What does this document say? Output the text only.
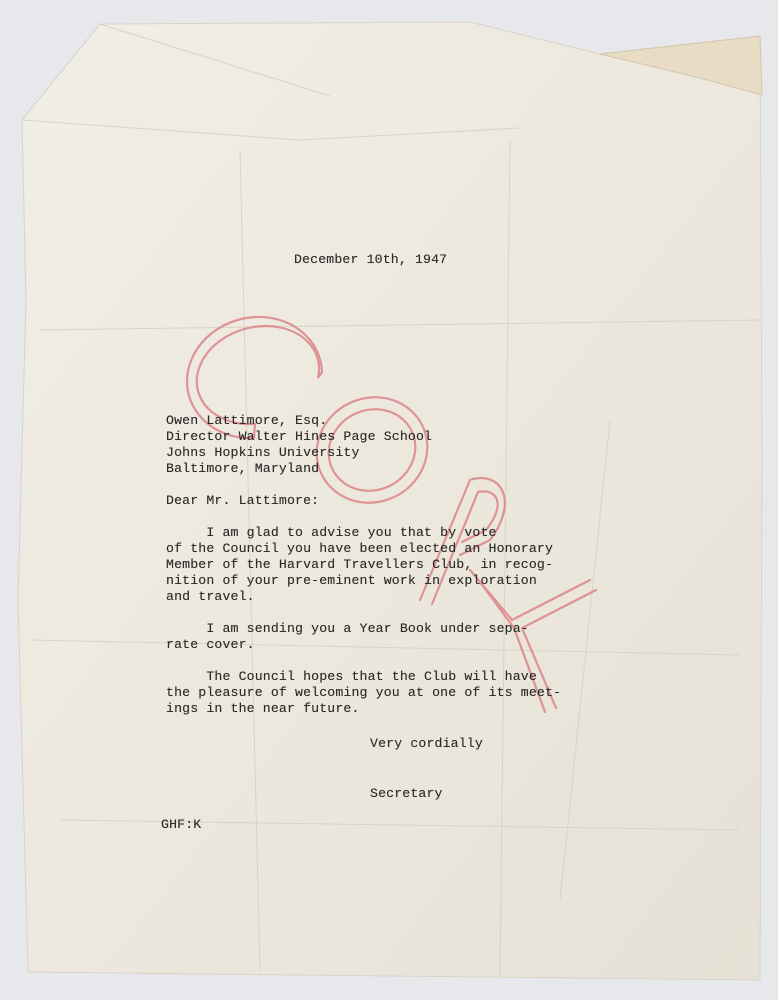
December 10th, 1947
Owen Lattimore, Esq.
Director Walter Hines Page School
Johns Hopkins University
Baltimore, Maryland
Dear Mr. Lattimore:
I am glad to advise you that by vote
of the Council you have been elected an Honorary
Member of the Harvard Travellers Club, in recog-
nition of your pre-eminent work in exploration
and travel.
I am sending you a Year Book under sepa-
rate cover.
The Council hopes that the Club will have
the pleasure of welcoming you at one of its meet-
ings in the near future.
Very cordially
Secretary
GHF:K
